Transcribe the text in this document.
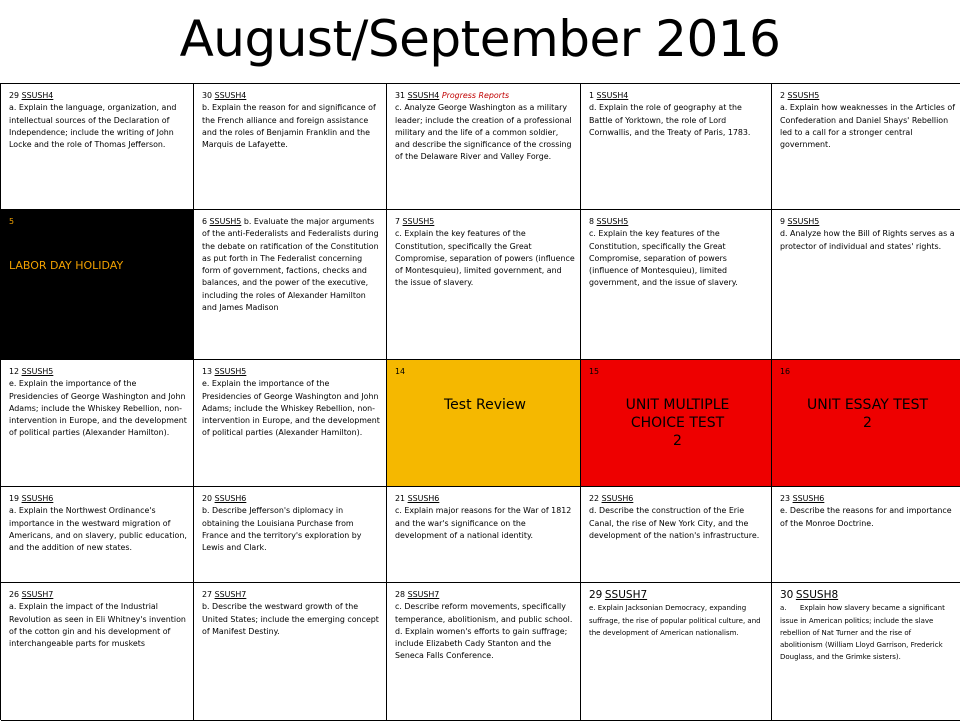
August/September 2016
29 SSUSH4
a. Explain the language, organization, and intellectual sources of the Declaration of Independence; include the writing of John Locke and the role of Thomas Jefferson.
30 SSUSH4
b. Explain the reason for and significance of the French alliance and foreign assistance and the roles of Benjamin Franklin and the Marquis de Lafayette.
31 SSUSH4 Progress Reports
c. Analyze George Washington as a military leader; include the creation of a professional military and the life of a common soldier, and describe the significance of the crossing of the Delaware River and Valley Forge.
1 SSUSH4
d. Explain the role of geography at the Battle of Yorktown, the role of Lord Cornwallis, and the Treaty of Paris, 1783.
2 SSUSH5
a. Explain how weaknesses in the Articles of Confederation and Daniel Shays' Rebellion led to a call for a stronger central government.
5
LABOR DAY HOLIDAY
6 SSUSH5 b. Evaluate the major arguments of the anti-Federalists and Federalists during the debate on ratification of the Constitution as put forth in The Federalist concerning form of government, factions, checks and balances, and the power of the executive, including the roles of Alexander Hamilton and James Madison
7 SSUSH5
c. Explain the key features of the Constitution, specifically the Great Compromise, separation of powers (influence of Montesquieu), limited government, and the issue of slavery.
8 SSUSH5
c. Explain the key features of the Constitution, specifically the Great Compromise, separation of powers (influence of Montesquieu), limited government, and the issue of slavery.
9 SSUSH5
d. Analyze how the Bill of Rights serves as a protector of individual and states' rights.
12 SSUSH5
e. Explain the importance of the Presidencies of George Washington and John Adams; include the Whiskey Rebellion, non-intervention in Europe, and the development of political parties (Alexander Hamilton).
13 SSUSH5
e. Explain the importance of the Presidencies of George Washington and John Adams; include the Whiskey Rebellion, non-intervention in Europe, and the development of political parties (Alexander Hamilton).
14
Test Review
15
UNIT MULTIPLE
CHOICE TEST
2
16
UNIT ESSAY TEST
2
19 SSUSH6
a. Explain the Northwest Ordinance's importance in the westward migration of Americans, and on slavery, public education, and the addition of new states.
20 SSUSH6
b. Describe Jefferson's diplomacy in obtaining the Louisiana Purchase from France and the territory's exploration by Lewis and Clark.
21 SSUSH6
c. Explain major reasons for the War of 1812 and the war's significance on the development of a national identity.
22 SSUSH6
d. Describe the construction of the Erie Canal, the rise of New York City, and the development of the nation's infrastructure.
23 SSUSH6
e. Describe the reasons for and importance of the Monroe Doctrine.
26 SSUSH7
a. Explain the impact of the Industrial Revolution as seen in Eli Whitney's invention of the cotton gin and his development of interchangeable parts for muskets
27 SSUSH7
b. Describe the westward growth of the United States; include the emerging concept of Manifest Destiny.
28 SSUSH7
c. Describe reform movements, specifically temperance, abolitionism, and public school.
d. Explain women's efforts to gain suffrage; include Elizabeth Cady Stanton and the Seneca Falls Conference.
29 SSUSH7
e. Explain Jacksonian Democracy, expanding suffrage, the rise of popular political culture, and the development of American nationalism.
30 SSUSH8
a.      Explain how slavery became a significant issue in American politics; include the slave rebellion of Nat Turner and the rise of abolitionism (William Lloyd Garrison, Frederick Douglass, and the Grimke sisters).
